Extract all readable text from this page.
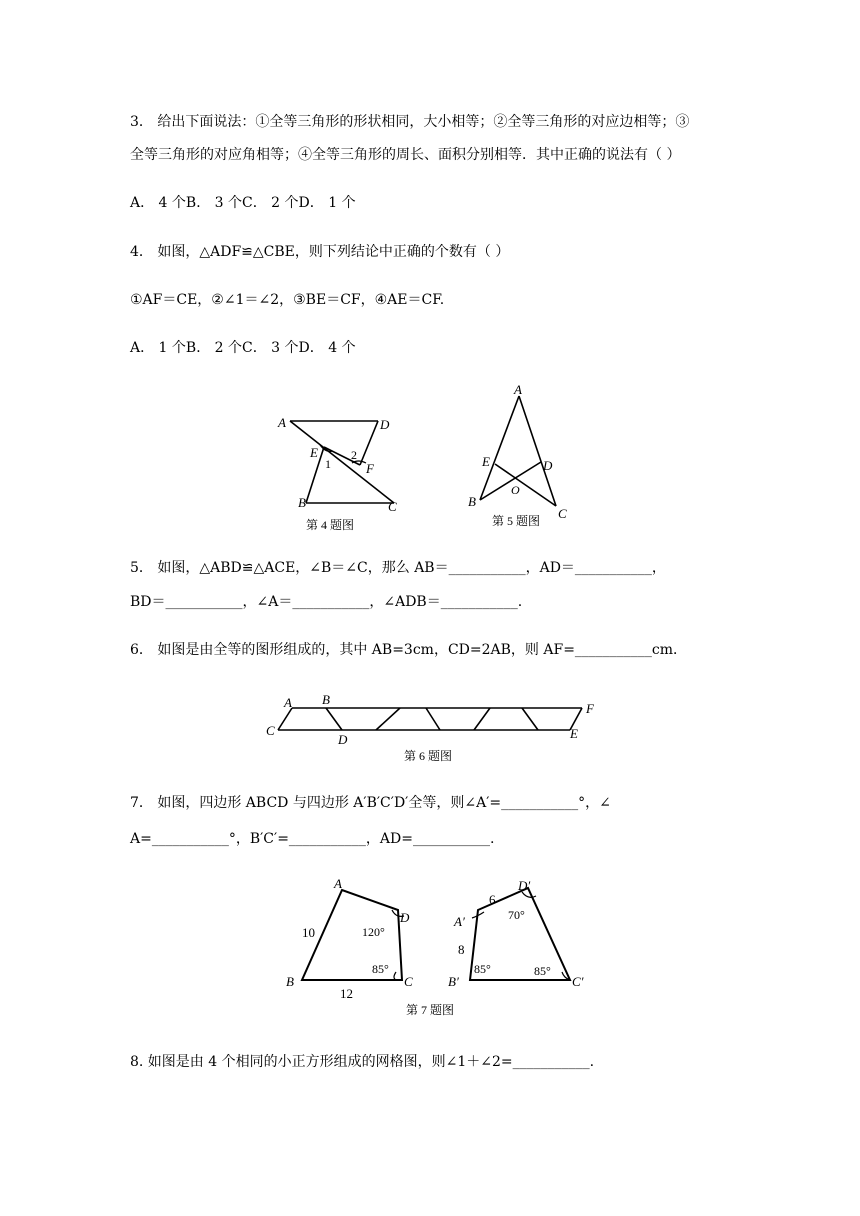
3． 给出下面说法：①全等三角形的形状相同，大小相等；②全等三角形的对应边相等；③
全等三角形的对应角相等；④全等三角形的周长、面积分别相等．其中正确的说法有（ ）
A． 4 个B． 3 个C． 2 个D． 1 个
4． 如图，△ADF≌△CBE，则下列结论中正确的个数有（ ）
①AF＝CE，②∠1＝∠2，③BE＝CF，④AE＝CF.
A． 1 个B． 2 个C． 3 个D． 4 个
A	D
E
F
1
2
B	C
第 4 题图
A
E	D
O
B
C
第 5 题图
5． 如图，△ABD≌△ACE，∠B＝∠C，那么 AB＝___________，AD＝___________，
BD＝___________，∠A＝___________，∠ADB＝___________.
6． 如图是由全等的图形组成的，其中 AB=3cm，CD=2AB，则 AF=___________cm．
A B
C
D	E
F
第 6 题图
7． 如图，四边形 ABCD 与四边形 A′B′C′D′全等，则∠A′=___________°，∠
A=___________°，B′C′=___________，AD=___________.
A
D
B	C
10
12
120°
85°
A′
D′
B′	C′
6
8
70°
85°	85°
第 7 题图
8. 如图是由 4 个相同的小正方形组成的网格图，则∠1＋∠2=___________.
